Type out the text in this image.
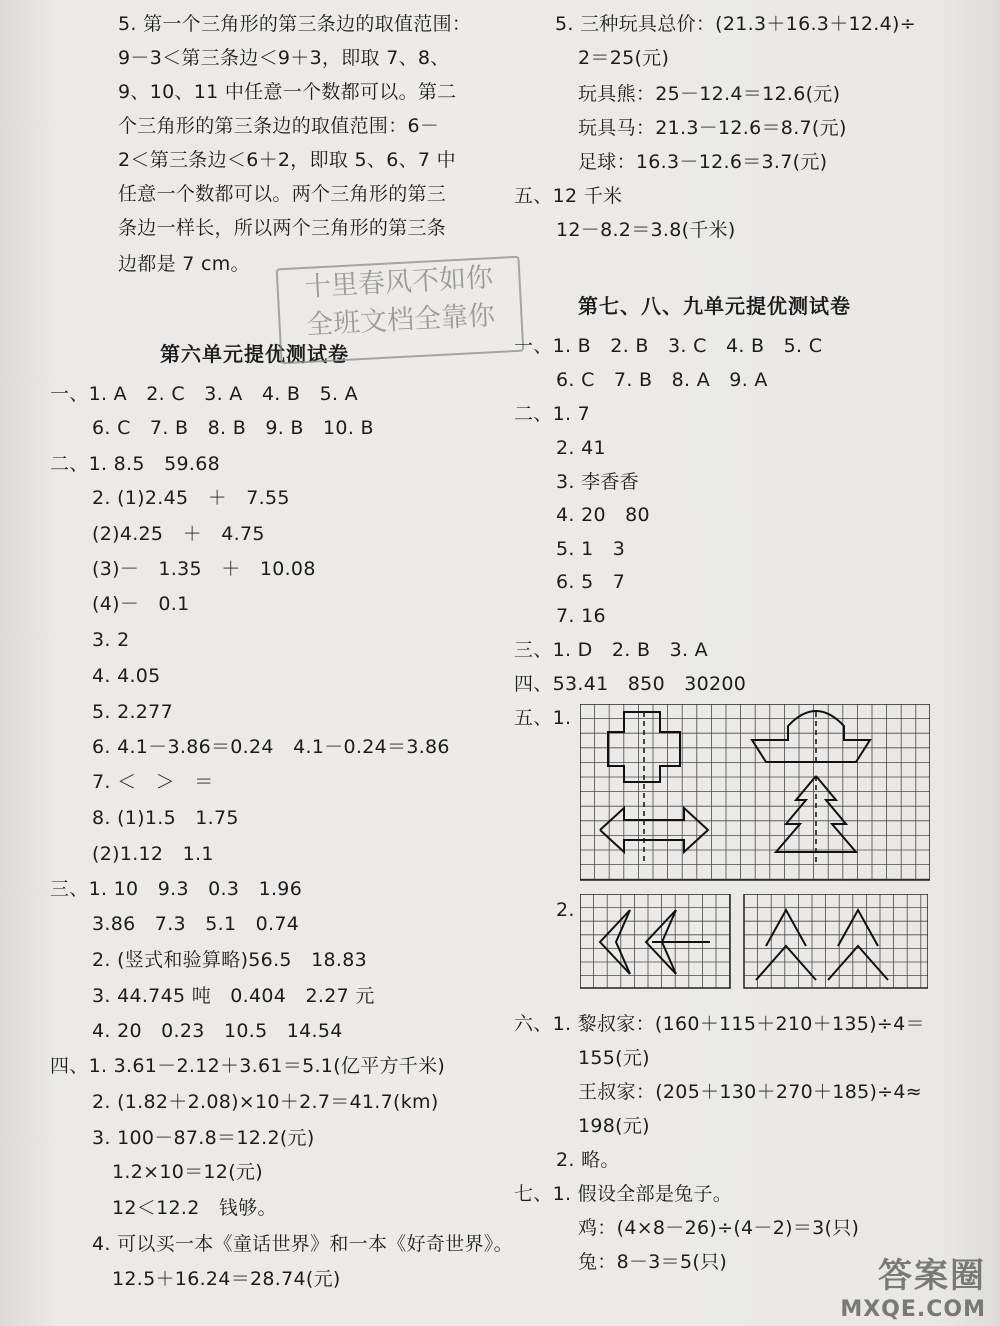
5. 第一个三角形的第三条边的取值范围：
9－3＜第三条边＜9＋3，即取 7、8、
9、10、11 中任意一个数都可以。第二
个三角形的第三条边的取值范围：6－
2＜第三条边＜6＋2，即取 5、6、7 中
任意一个数都可以。两个三角形的第三
条边一样长，所以两个三角形的第三条
边都是 7 cm。
第六单元提优测试卷
一、1. A　2. C　3. A　4. B　5. A
6. C　7. B　8. B　9. B　10. B
二、1. 8.5　59.68
2. (1)2.45　＋　7.55
(2)4.25　＋　4.75
(3)－　1.35　＋　10.08
(4)－　0.1
3. 2
4. 4.05
5. 2.277
6. 4.1－3.86＝0.24　4.1－0.24＝3.86
7. ＜　＞　＝
8. (1)1.5　1.75
(2)1.12　1.1
三、1. 10　9.3　0.3　1.96
3.86　7.3　5.1　0.74
2. (竖式和验算略)56.5　18.83
3. 44.745 吨　0.404　2.27 元
4. 20　0.23　10.5　14.54
四、1. 3.61－2.12＋3.61＝5.1(亿平方千米)
2. (1.82＋2.08)×10＋2.7＝41.7(km)
3. 100－87.8＝12.2(元)
1.2×10＝12(元)
12＜12.2　钱够。
4. 可以买一本《童话世界》和一本《好奇世界》。
12.5＋16.24＝28.74(元)
十里春风不如你
全班文档全靠你
5. 三种玩具总价：(21.3＋16.3＋12.4)÷
2＝25(元)
玩具熊：25－12.4＝12.6(元)
玩具马：21.3－12.6＝8.7(元)
足球：16.3－12.6＝3.7(元)
五、12 千米
12－8.2＝3.8(千米)
第七、八、九单元提优测试卷
一、1. B　2. B　3. C　4. B　5. C
6. C　7. B　8. A　9. A
二、1. 7
2. 41
3. 李香香
4. 20　80
5. 1　3
6. 5　7
7. 16
三、1. D　2. B　3. A
四、53.41　850　30200
五、1.
2.
六、1. 黎叔家：(160＋115＋210＋135)÷4＝
155(元)
王叔家：(205＋130＋270＋185)÷4≈
198(元)
2. 略。
七、1. 假设全部是兔子。
鸡：(4×8－26)÷(4－2)＝3(只)
兔：8－3＝5(只)	答案圈
MXQE.COM
